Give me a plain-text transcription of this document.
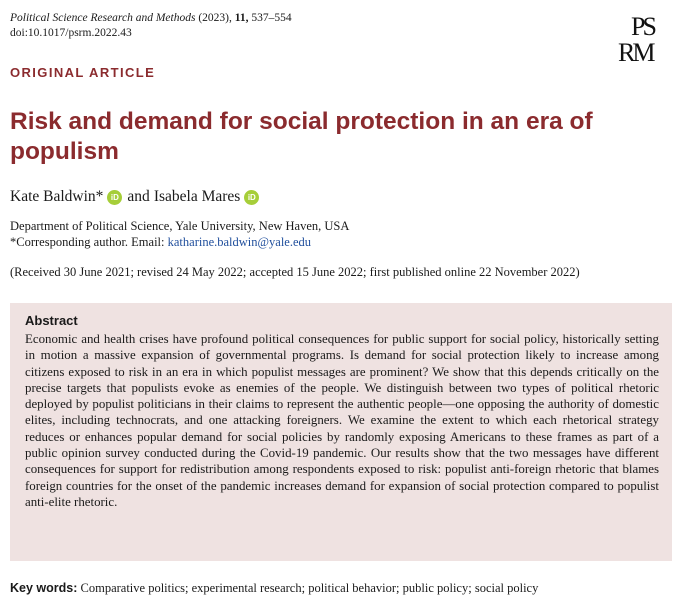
Political Science Research and Methods (2023), 11, 537–554
doi:10.1017/psrm.2022.43	PS
RM
ORIGINAL ARTICLE
Risk and demand for social protection in an era of populism
Kate Baldwin* iD and Isabela Mares iD
Department of Political Science, Yale University, New Haven, USA
*Corresponding author. Email: katharine.baldwin@yale.edu
(Received 30 June 2021; revised 24 May 2022; accepted 15 June 2022; first published online 22 November 2022)
Abstract
Economic and health crises have profound political consequences for public support for social policy, historically setting in motion a massive expansion of governmental programs. Is demand for social protection likely to increase among citizens exposed to risk in an era in which populist messages are prominent? We show that this depends critically on the precise targets that populists evoke as enemies of the people. We distinguish between two types of political rhetoric deployed by populist politicians in their claims to represent the authentic people—one opposing the authority of domestic elites, including technocrats, and one attacking foreigners. We examine the extent to which each rhetorical strategy reduces or enhances popular demand for social policies by randomly exposing Americans to these frames as part of a public opinion survey conducted during the Covid-19 pandemic. Our results show that the two messages have different consequences for support for redistribution among respondents exposed to risk: populist anti-foreign rhetoric that blames foreign countries for the onset of the pandemic increases demand for expansion of social protection compared to populist anti-elite rhetoric.
Key words: Comparative politics; experimental research; political behavior; public policy; social policy
